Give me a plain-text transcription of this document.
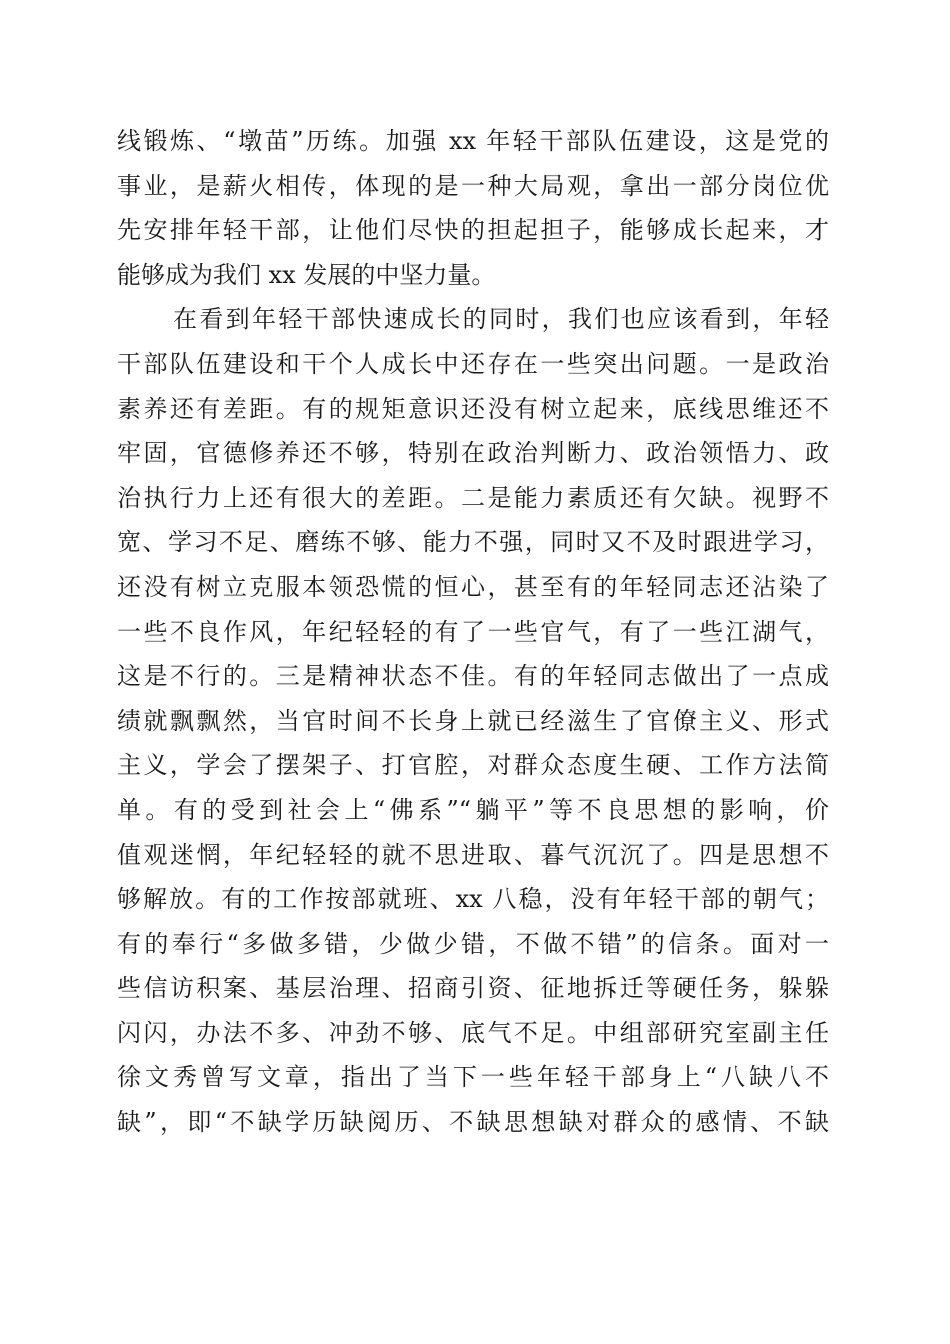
线锻炼、“墩苗”历练。加强 xx 年轻干部队伍建设，这是党的
事业，是薪火相传，体现的是一种大局观，拿出一部分岗位优
先安排年轻干部，让他们尽快的担起担子，能够成长起来，才
能够成为我们 xx 发展的中坚力量。
在看到年轻干部快速成长的同时，我们也应该看到，年轻
干部队伍建设和干个人成长中还存在一些突出问题。一是政治
素养还有差距。有的规矩意识还没有树立起来，底线思维还不
牢固，官德修养还不够，特别在政治判断力、政治领悟力、政
治执行力上还有很大的差距。二是能力素质还有欠缺。视野不
宽、学习不足、磨练不够、能力不强，同时又不及时跟进学习，
还没有树立克服本领恐慌的恒心，甚至有的年轻同志还沾染了
一些不良作风，年纪轻轻的有了一些官气，有了一些江湖气，
这是不行的。三是精神状态不佳。有的年轻同志做出了一点成
绩就飘飘然，当官时间不长身上就已经滋生了官僚主义、形式
主义，学会了摆架子、打官腔，对群众态度生硬、工作方法简
单。有的受到社会上“佛系”“躺平”等不良思想的影响，价
值观迷惘，年纪轻轻的就不思进取、暮气沉沉了。四是思想不
够解放。有的工作按部就班、xx 八稳，没有年轻干部的朝气；
有的奉行“多做多错，少做少错，不做不错”的信条。面对一
些信访积案、基层治理、招商引资、征地拆迁等硬任务，躲躲
闪闪，办法不多、冲劲不够、底气不足。中组部研究室副主任
徐文秀曾写文章，指出了当下一些年轻干部身上“八缺八不
缺”，即“不缺学历缺阅历、不缺思想缺对群众的感情、不缺
